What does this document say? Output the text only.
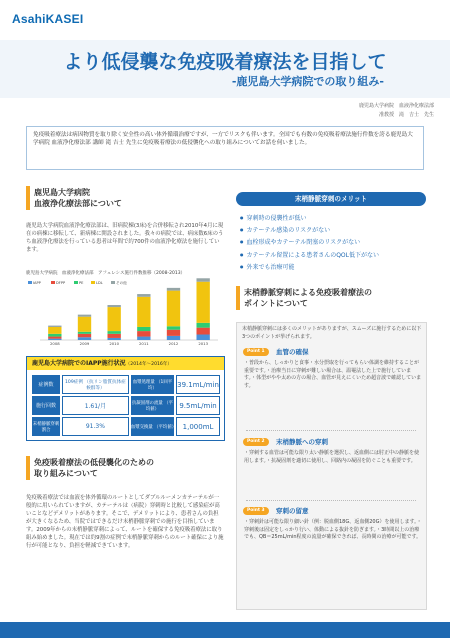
AsahiKASEI
より低侵襲な免疫吸着療法を目指して
-鹿児島大学病院での取り組み-
鹿児島大学病院　血液浄化療法部
准教授　滝　吉士　先生
免疫吸着療法は病因物質を取り除く安全性の高い体外循環治療ですが、一方でリスクも伴います。全国でも有数の免疫吸着療法施行件数を誇る鹿児島大学病院 血液浄化療法部 講師 滝 吉士 先生に免疫吸着療法の低侵襲化への取り組みについてお話を伺いました。
鹿児島大学病院
血液浄化療法部について
鹿児島大学病院血液浄化療法部は、旧病院棟(3床)を合併移転され2010年4月に現在の病棟に移転して、新病棟に開設されました。我々の病院では、病床数6床のうち血液浄化療法を行っている患者は年間で約700件の血液浄化療法を施行しています。
鹿児島大学病院　血液浄化療法部　アフェレシス施行件数推移（2008-2013）
IAPP	DFPP	PE	LDL	その他
2008	2009	2010	2011	2012	2013
鹿児島大学病院でのIAPP施行状況（2014年〜2016年）
症例数	109症例 （抗リン脂質抗体症候群等）	血漿処理量 （1回平均）	39.1mL/min
施行回数	1.61/月	抗凝固剤の流量 （平均値）	9.5mL/min
末梢静脈穿刺割合	91.3%	血漿交換量 （平均値）	1,000mL
免疫吸着療法の低侵襲化のための
取り組みについて
免疫吸着療法では血液を体外循環のルートとしてダブルルーメンカテーテルが一般的に用いられていますが、カテーテルは（病院）穿刺時と比較して感染症が高いことなどデメリットがあります。そこで、デメリットにより、患者さんの負担が大きくなるため、当院ではできるだけ末梢静脈穿刺での施行を目指しています。2009年からの末梢静脈穿刺によって、ルートを確保する免疫吸着療法に取り組み始めました。現在では約9割の症例で末梢静脈穿刺からのルート確保により施行が可能となり、負担を軽減できています。
末梢静脈穿刺のメリット
● 穿刺時の侵襲性が低い
● カテーテル感染のリスクがない
● 血栓形成やカテーテル閉塞のリスクがない
● カテーテル留置による患者さんのQOL低下がない
● 外来でも治療可能
末梢静脈穿刺による免疫吸着療法の
ポイントについて
末梢静脈穿刺には多くのメリットがありますが、スムーズに施行するために以下3つのポイントが挙げられます。
Point 1	血管の確保
・普段から、しっかりと食事・水分摂取を行ってもらい体調を維持することが重要です。・治療当日に穿刺が難しい場合は、温罨法した上で施行しています。・体型がやや太めの方の場合、血管が見えにくいため超音波で確認しています。
Point 2	末梢静脈への穿刺
・穿刺する血管は可能な限り太い静脈を選択し、返血側には肘正中の静脈を使用します。・抗凝固剤を適切に使用し、回路内の凝固を防ぐことも重要です。
Point 3	穿刺の留意
・穿刺針は可能な限り細い針（例：脱血側18G、返血側20G）を使用します。・穿刺後は固定をしっかり行い、体動による抜針を防ぎます。・3時間以上の治療でも、QB＝25mL/min程度の流量が確保できれば、長時間の治療が可能です。
